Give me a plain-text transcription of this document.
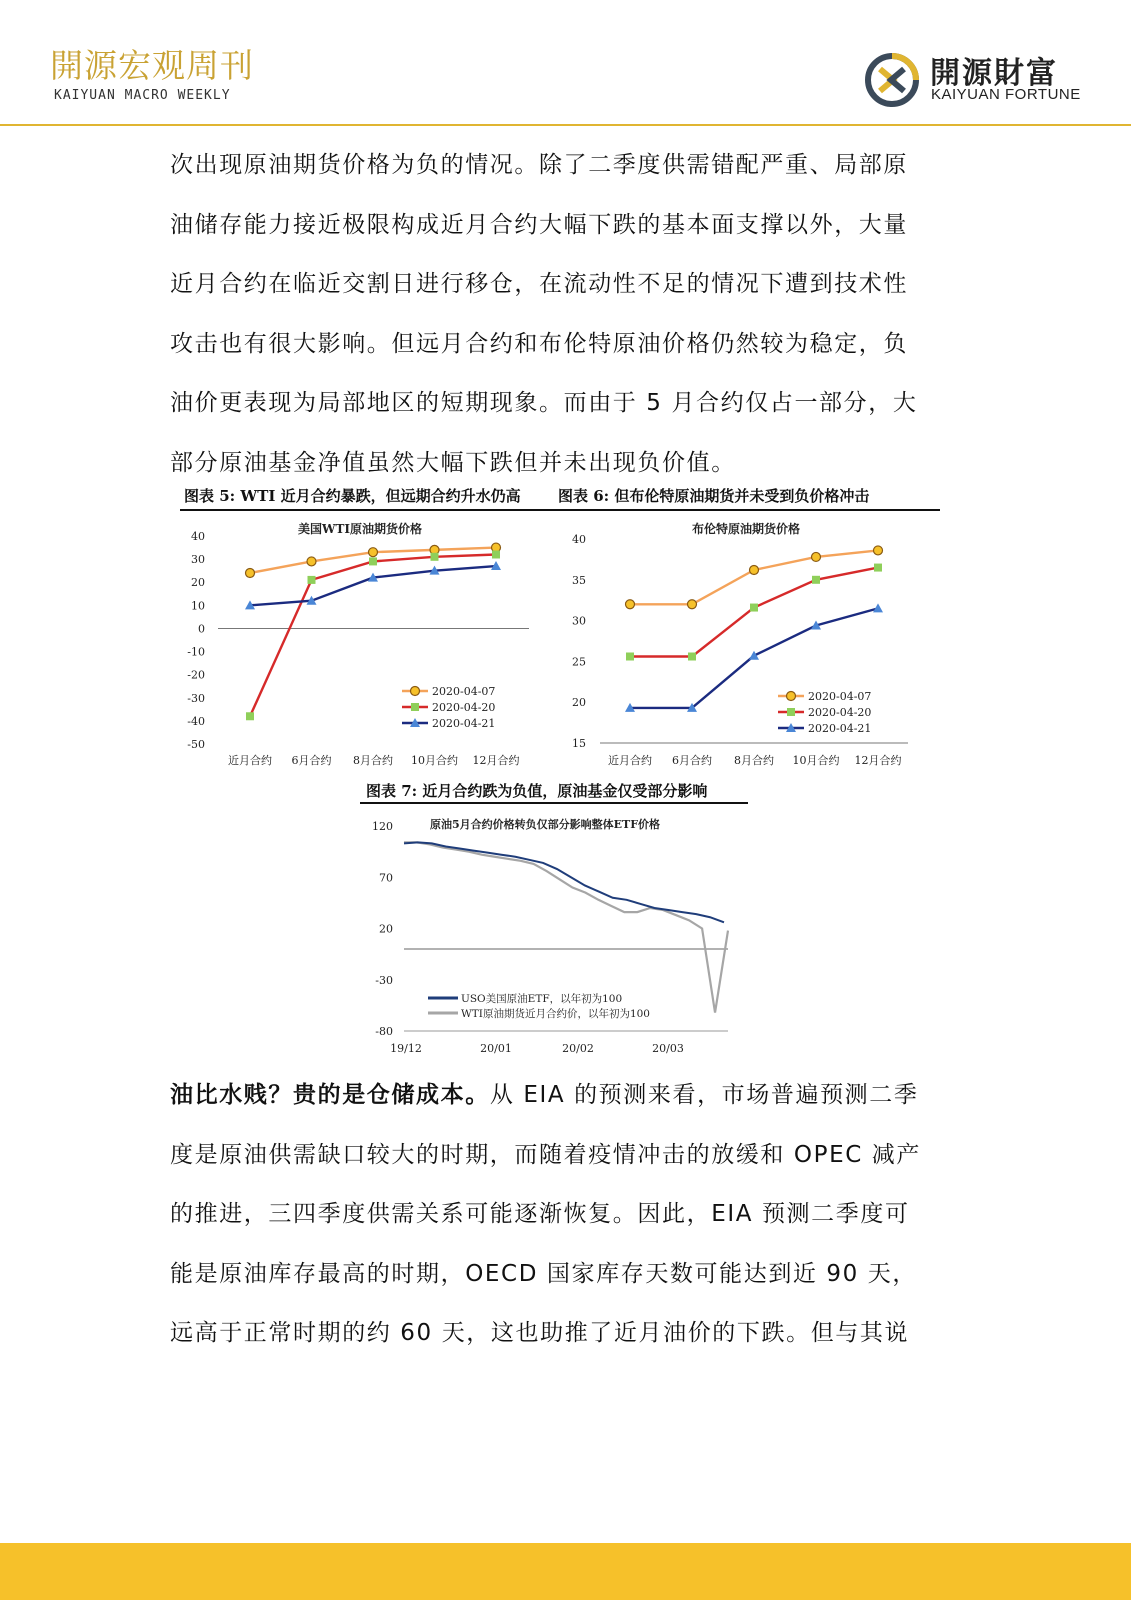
開源宏观周刊
KAIYUAN MACRO WEEKLY
開源財富
KAIYUAN FORTUNE

次出现原油期货价格为负的情况。除了二季度供需错配严重、局部原

油储存能力接近极限构成近月合约大幅下跌的基本面支撑以外，大量

近月合约在临近交割日进行移仓，在流动性不足的情况下遭到技术性

攻击也有很大影响。但远月合约和布伦特原油价格仍然较为稳定，负

油价更表现为局部地区的短期现象。而由于 5 月合约仅占一部分，大

部分原油基金净值虽然大幅下跌但并未出现负价值。

图表 5: WTI 近月合约暴跌，但远期合约升水仍高 图表 6: 但布伦特原油期货并未受到负价格冲击
美国WTI原油期货价格
40
30
20
10
0
-10
-20
-30
-40
-50
近月合约 6月合约 8月合约 10月合约 12月合约
2020-04-07
2020-04-20
2020-04-21
布伦特原油期货价格
40
35
30
25
20
15
近月合约 6月合约 8月合约 10月合约 12月合约
2020-04-07
2020-04-20
2020-04-21
图表 7: 近月合约跌为负值，原油基金仅受部分影响
原油5月合约价格转负仅部分影响整体ETF价格
120
70
20
-30
-80
19/12	20/01	20/02	20/03
USO美国原油ETF，以年初为100
WTI原油期货近月合约价，以年初为100

油比水贱？贵的是仓储成本。从 EIA 的预测来看，市场普遍预测二季

度是原油供需缺口较大的时期，而随着疫情冲击的放缓和 OPEC 减产

的推进，三四季度供需关系可能逐渐恢复。因此，EIA 预测二季度可

能是原油库存最高的时期，OECD 国家库存天数可能达到近 90 天，

远高于正常时期的约 60 天，这也助推了近月油价的下跌。但与其说
